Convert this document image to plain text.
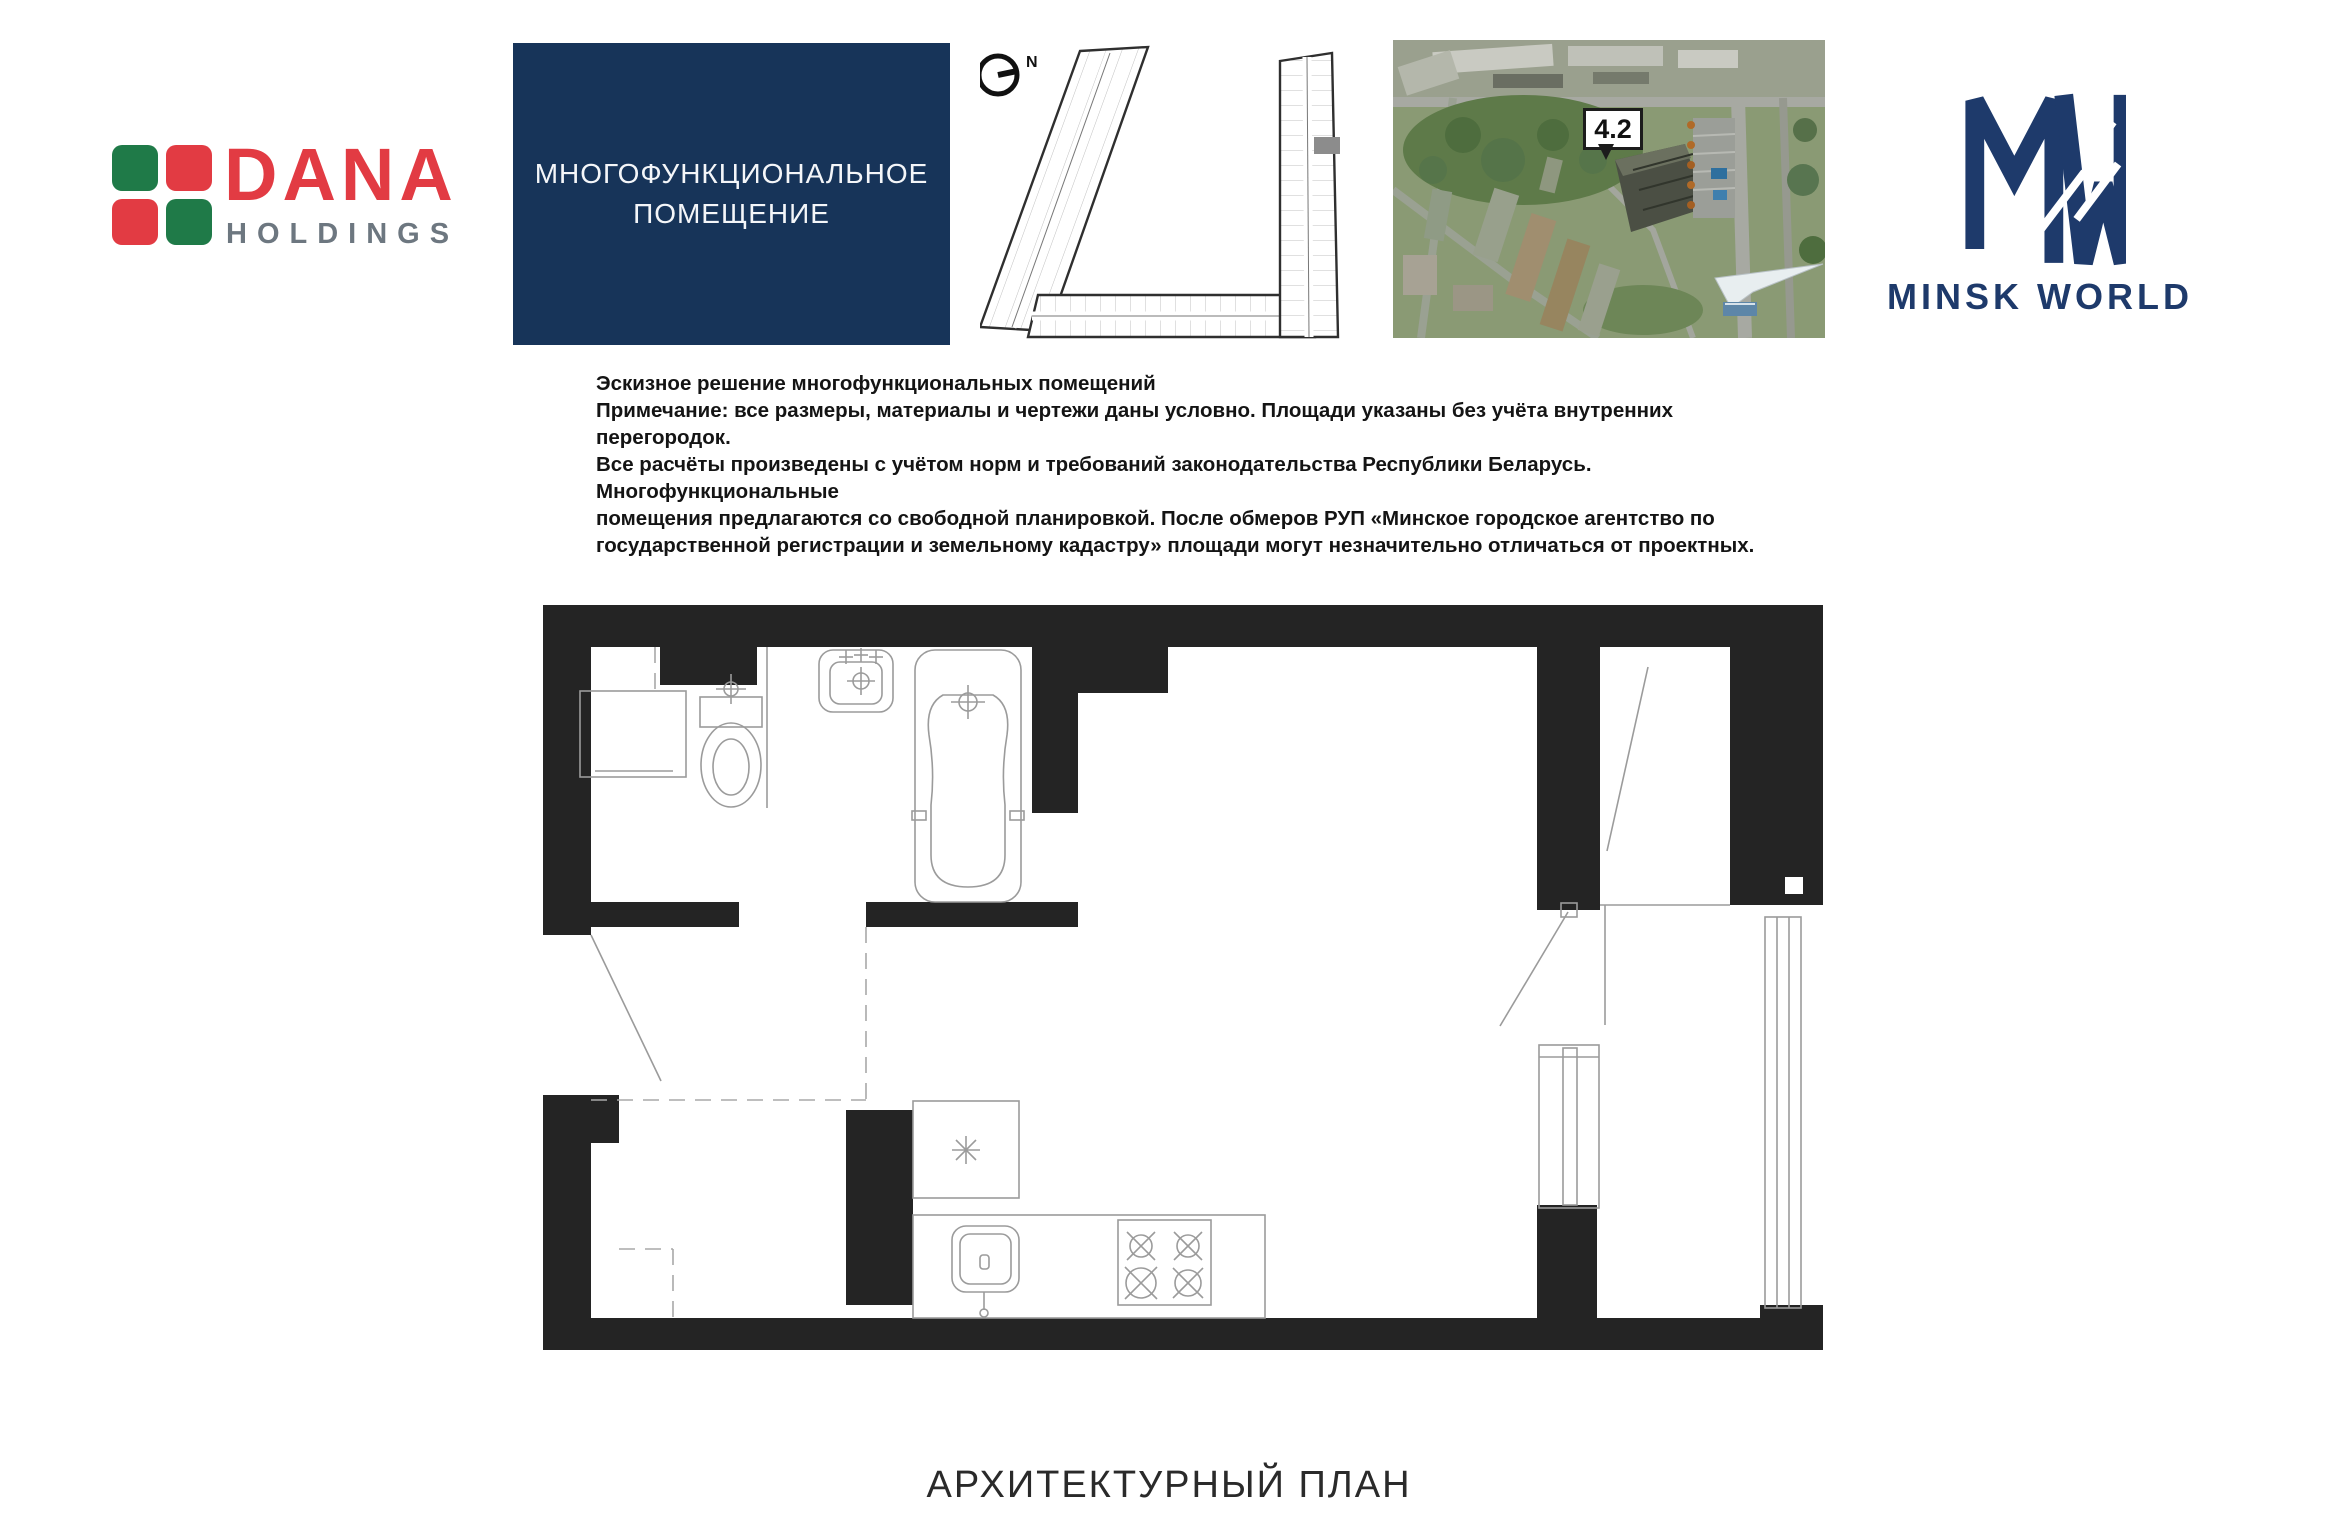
DANA
HOLDINGS
МНОГОФУНКЦИОНАЛЬНОЕ
ПОМЕЩЕНИЕ
N
4.2
MINSK WORLD
Эскизное решение многофункциональных помещений
Примечание: все размеры, материалы и чертежи даны условно. Площади указаны без учёта внутренних перегородок.
Все расчёты произведены с учётом норм и требований законодательства Республики Беларусь. Многофункциональные
помещения предлагаются со свободной планировкой. После обмеров РУП «Минское городское агентство по
государственной регистрации и земельному кадастру» площади могут незначительно отличаться от проектных.
АРХИТЕКТУРНЫЙ ПЛАН
